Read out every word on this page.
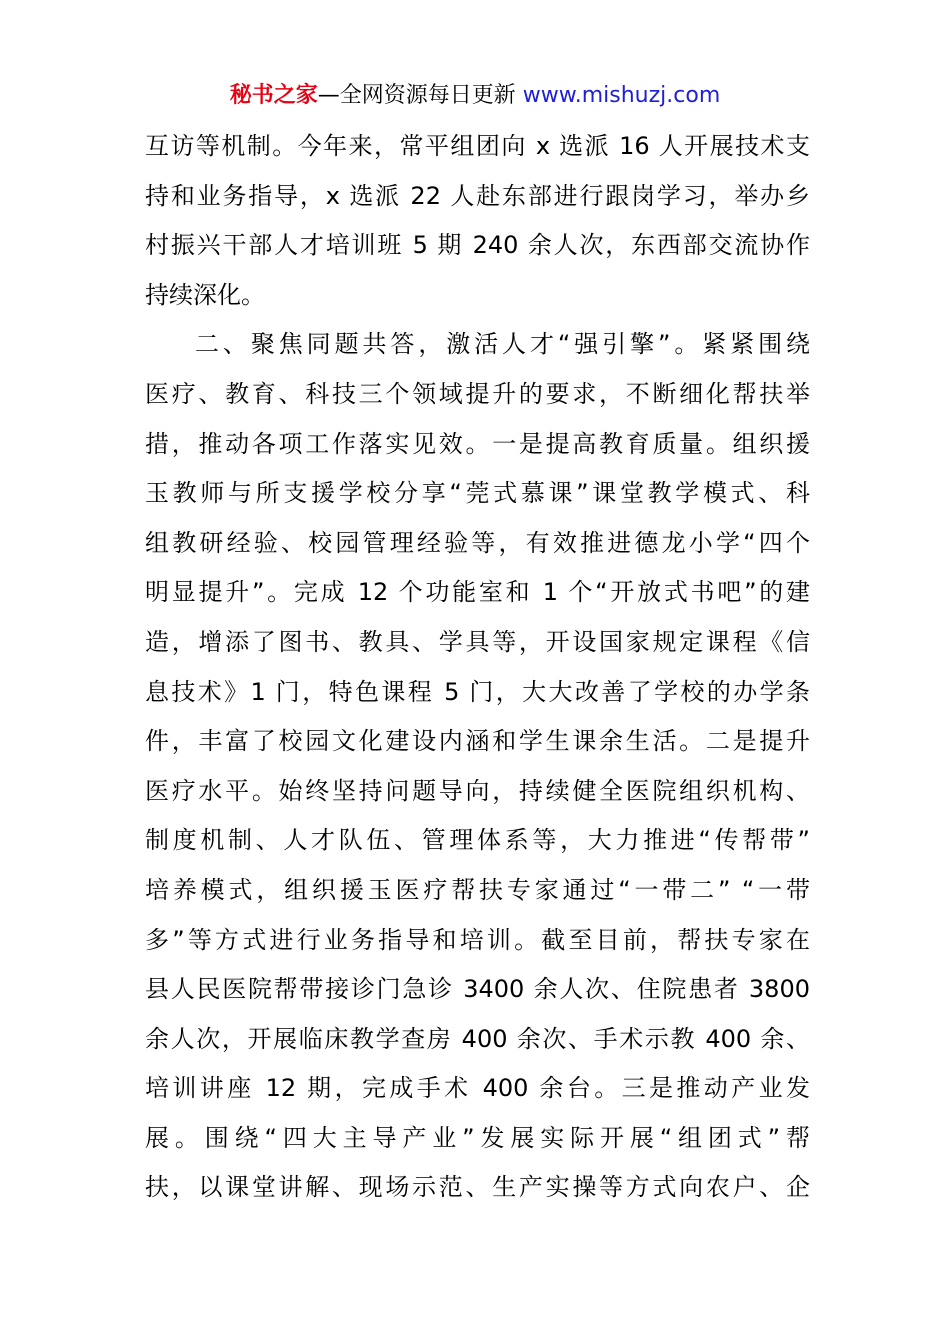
秘书之家—全网资源每日更新 www.mishuzj.com
互访等机制。今年来，常平组团向 x 选派 16 人开展技术支
持和业务指导，x 选派 22 人赴东部进行跟岗学习，举办乡
村振兴干部人才培训班 5 期 240 余人次，东西部交流协作
持续深化。
二、聚焦同题共答，激活人才“强引擎”。紧紧围绕
医疗、教育、科技三个领域提升的要求，不断细化帮扶举
措，推动各项工作落实见效。一是提高教育质量。组织援
玉教师与所支援学校分享“莞式慕课”课堂教学模式、科
组教研经验、校园管理经验等，有效推进德龙小学“四个
明显提升”。完成 12 个功能室和 1 个“开放式书吧”的建
造，增添了图书、教具、学具等，开设国家规定课程《信
息技术》1 门，特色课程 5 门，大大改善了学校的办学条
件，丰富了校园文化建设内涵和学生课余生活。二是提升
医疗水平。始终坚持问题导向，持续健全医院组织机构、
制度机制、人才队伍、管理体系等，大力推进“传帮带”
培养模式，组织援玉医疗帮扶专家通过“一带二” “一带
多”等方式进行业务指导和培训。截至目前，帮扶专家在
县人民医院帮带接诊门急诊 3400 余人次、住院患者 3800
余人次，开展临床教学查房 400 余次、手术示教 400 余、
培训讲座 12 期，完成手术 400 余台。三是推动产业发
展。围绕“四大主导产业”发展实际开展“组团式”帮
扶，以课堂讲解、现场示范、生产实操等方式向农户、企
